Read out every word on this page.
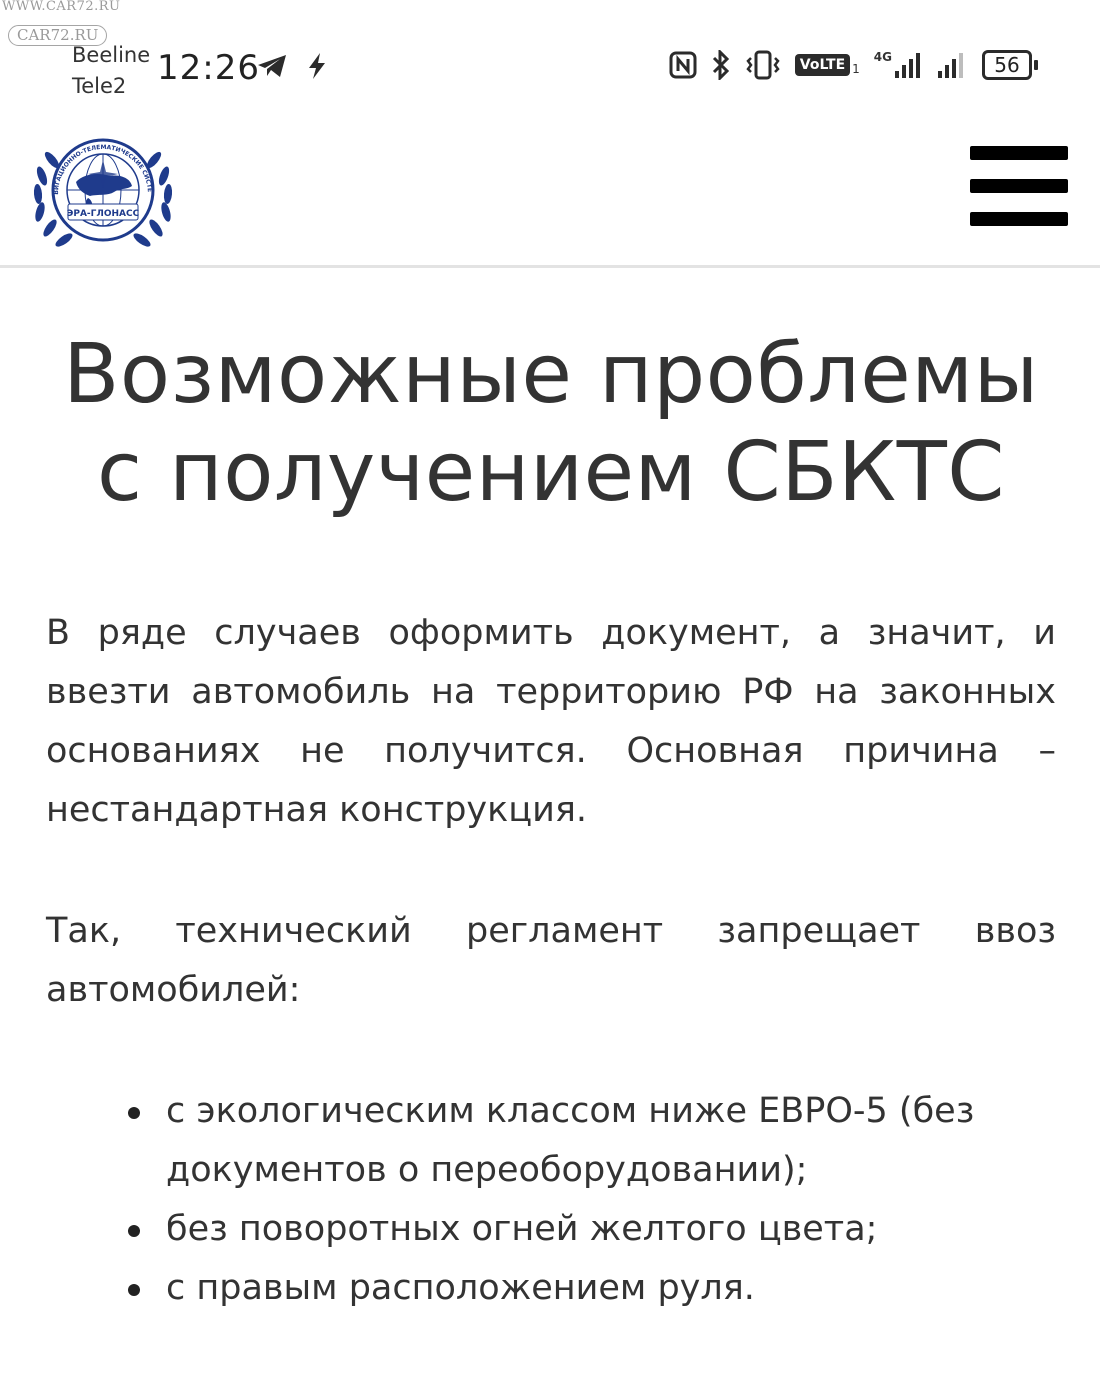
WWW.CAR72.RU
CAR72.RU
Beeline
Tele2 12:26	VoLTE 1
4G	56
ЭРА-ГЛОНАСС
ВИГАЦИОННО-ТЕЛЕМАТИЧЕСКИЕ СИСТЕ
Возможные проблемы
с получением СБКТС

В ряде случаев оформить документ, а значит, и ввезти автомобиль на территорию РФ на законных основаниях не получится. Основная причина – нестандартная конструкция.

Так, технический регламент запрещает ввоз автомобилей:

с экологическим классом ниже ЕВРО-5 (без документов о переоборудовании);
без поворотных огней желтого цвета;
с правым расположением руля.
